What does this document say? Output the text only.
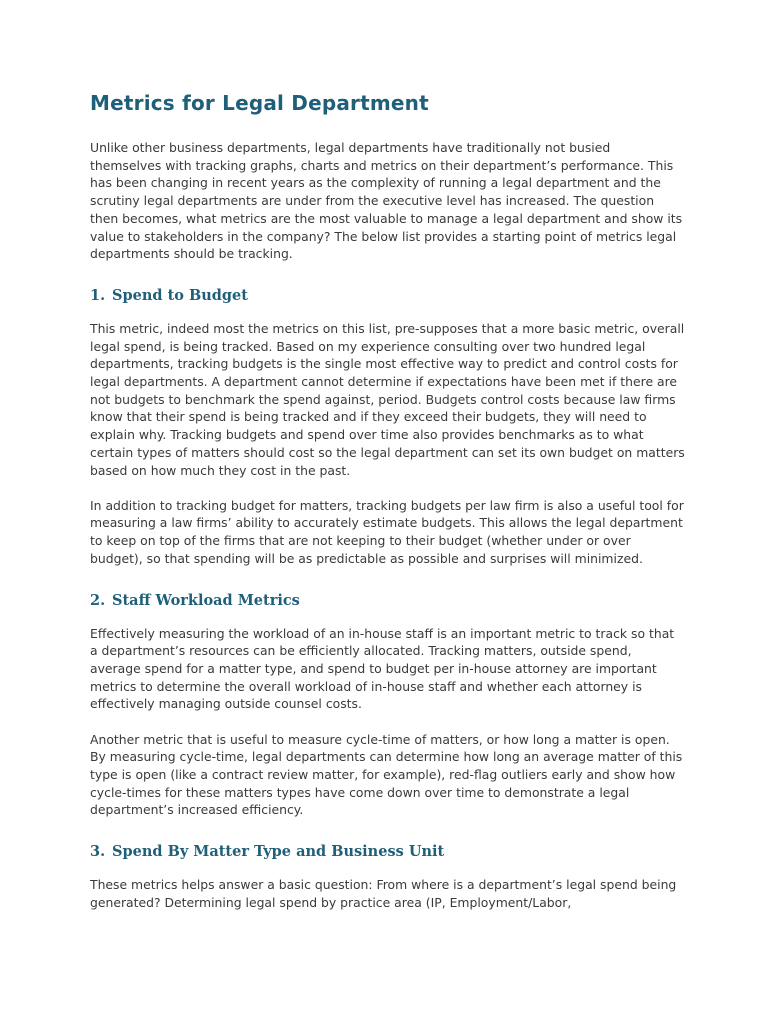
Metrics for Legal Department

Unlike other business departments, legal departments have traditionally not busied themselves with tracking graphs, charts and metrics on their department’s performance. This has been changing in recent years as the complexity of running a legal department and the scrutiny legal departments are under from the executive level has increased. The question then becomes, what metrics are the most valuable to manage a legal department and show its value to stakeholders in the company? The below list provides a starting point of metrics legal departments should be tracking.

1. Spend to Budget

This metric, indeed most the metrics on this list, pre-supposes that a more basic metric, overall legal spend, is being tracked. Based on my experience consulting over two hundred legal departments, tracking budgets is the single most effective way to predict and control costs for legal departments. A department cannot determine if expectations have been met if there are not budgets to benchmark the spend against, period. Budgets control costs because law firms know that their spend is being tracked and if they exceed their budgets, they will need to explain why. Tracking budgets and spend over time also provides benchmarks as to what certain types of matters should cost so the legal department can set its own budget on matters based on how much they cost in the past.

In addition to tracking budget for matters, tracking budgets per law firm is also a useful tool for measuring a law firms’ ability to accurately estimate budgets. This allows the legal department to keep on top of the firms that are not keeping to their budget (whether under or over budget), so that spending will be as predictable as possible and surprises will minimized.

2. Staff Workload Metrics

Effectively measuring the workload of an in-house staff is an important metric to track so that a department’s resources can be efficiently allocated. Tracking matters, outside spend, average spend for a matter type, and spend to budget per in-house attorney are important metrics to determine the overall workload of in-house staff and whether each attorney is effectively managing outside counsel costs.

Another metric that is useful to measure cycle-time of matters, or how long a matter is open. By measuring cycle-time, legal departments can determine how long an average matter of this type is open (like a contract review matter, for example), red-flag outliers early and show how cycle-times for these matters types have come down over time to demonstrate a legal department’s increased efficiency.

3. Spend By Matter Type and Business Unit

These metrics helps answer a basic question: From where is a department’s legal spend being generated? Determining legal spend by practice area (IP, Employment/Labor,
